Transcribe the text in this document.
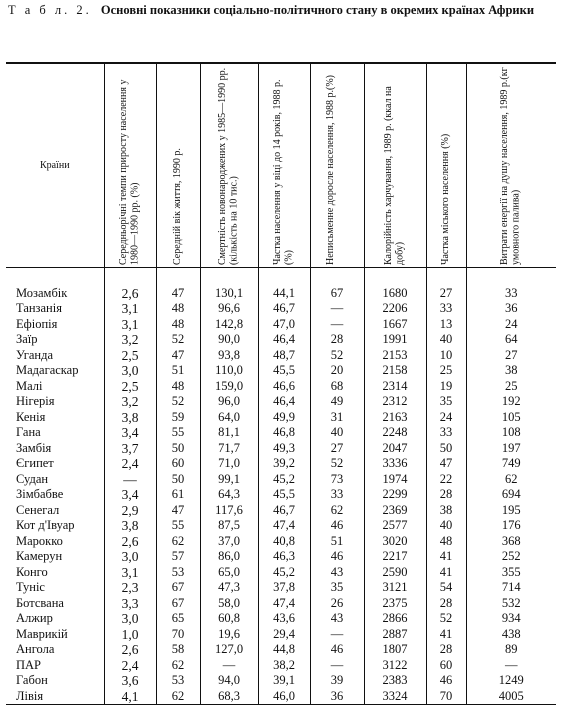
Т а б л. 2. Основні показники соціально-політичного стану в окремих країнах Африки
Країни	Середньорічні темпи приросту населення у 1980—1990 рр. (%)	Середній вік життя, 1990 р.	Смертність новонароджених у 1985—1990 рр. (кількість на 10 тис.)	Частка населення у віці до 14 років, 1988 р.(%)	Неписьменне доросле населення, 1988 р.(%)	Калорійність харчування, 1989 р. (ккал на добу)	Частка міського населення (%)	Витрати енергії на душу населення, 1989 р.(кг умовного палива)

Мозамбік	2,6	47	130,1	44,1	67	1680	27	33
Танзанія	3,1	48	96,6	46,7	—	2206	33	36
Ефіопія	3,1	48	142,8	47,0	—	1667	13	24
Заїр	3,2	52	90,0	46,4	28	1991	40	64
Уганда	2,5	47	93,8	48,7	52	2153	10	27
Мадагаскар	3,0	51	110,0	45,5	20	2158	25	38
Малі	2,5	48	159,0	46,6	68	2314	19	25
Нігерія	3,2	52	96,0	46,4	49	2312	35	192
Кенія	3,8	59	64,0	49,9	31	2163	24	105
Гана	3,4	55	81,1	46,8	40	2248	33	108
Замбія	3,7	50	71,7	49,3	27	2047	50	197
Єгипет	2,4	60	71,0	39,2	52	3336	47	749
Судан	—	50	99,1	45,2	73	1974	22	62
Зімбабве	3,4	61	64,3	45,5	33	2299	28	694
Сенегал	2,9	47	117,6	46,7	62	2369	38	195
Кот д'Івуар	3,8	55	87,5	47,4	46	2577	40	176
Марокко	2,6	62	37,0	40,8	51	3020	48	368
Камерун	3,0	57	86,0	46,3	46	2217	41	252
Конго	3,1	53	65,0	45,2	43	2590	41	355
Туніс	2,3	67	47,3	37,8	35	3121	54	714
Ботсвана	3,3	67	58,0	47,4	26	2375	28	532
Алжир	3,0	65	60,8	43,6	43	2866	52	934
Маврикій	1,0	70	19,6	29,4	—	2887	41	438
Ангола	2,6	58	127,0	44,8	46	1807	28	89
ПАР	2,4	62	—	38,2	—	3122	60	—
Габон	3,6	53	94,0	39,1	39	2383	46	1249
Лівія	4,1	62	68,3	46,0	36	3324	70	4005
